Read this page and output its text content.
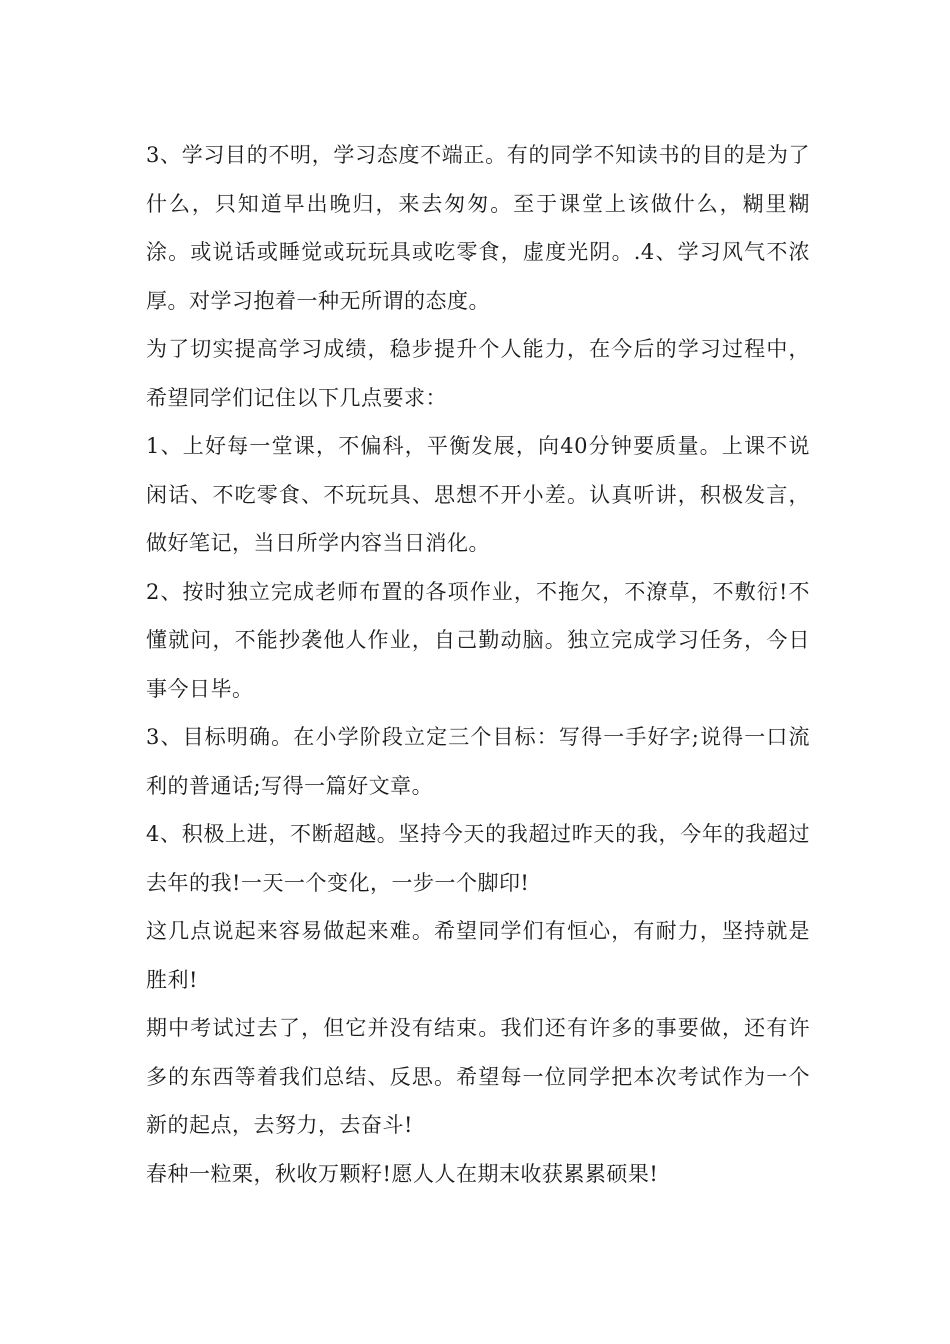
3、学习目的不明，学习态度不端正。有的同学不知读书的目的是为了什么，只知道早出晚归，来去匆匆。至于课堂上该做什么，糊里糊涂。或说话或睡觉或玩玩具或吃零食，虚度光阴。.4、学习风气不浓厚。对学习抱着一种无所谓的态度。

为了切实提高学习成绩，稳步提升个人能力，在今后的学习过程中，希望同学们记住以下几点要求：

1、上好每一堂课，不偏科，平衡发展，向40分钟要质量。上课不说闲话、不吃零食、不玩玩具、思想不开小差。认真听讲，积极发言，做好笔记，当日所学内容当日消化。

2、按时独立完成老师布置的各项作业，不拖欠，不潦草，不敷衍!不懂就问，不能抄袭他人作业，自己勤动脑。独立完成学习任务，今日事今日毕。

3、目标明确。在小学阶段立定三个目标：写得一手好字;说得一口流利的普通话;写得一篇好文章。

4、积极上进，不断超越。坚持今天的我超过昨天的我，今年的我超过去年的我!一天一个变化，一步一个脚印!

这几点说起来容易做起来难。希望同学们有恒心，有耐力，坚持就是胜利!

期中考试过去了，但它并没有结束。我们还有许多的事要做，还有许多的东西等着我们总结、反思。希望每一位同学把本次考试作为一个新的起点，去努力，去奋斗!

春种一粒栗，秋收万颗籽!愿人人在期末收获累累硕果!
